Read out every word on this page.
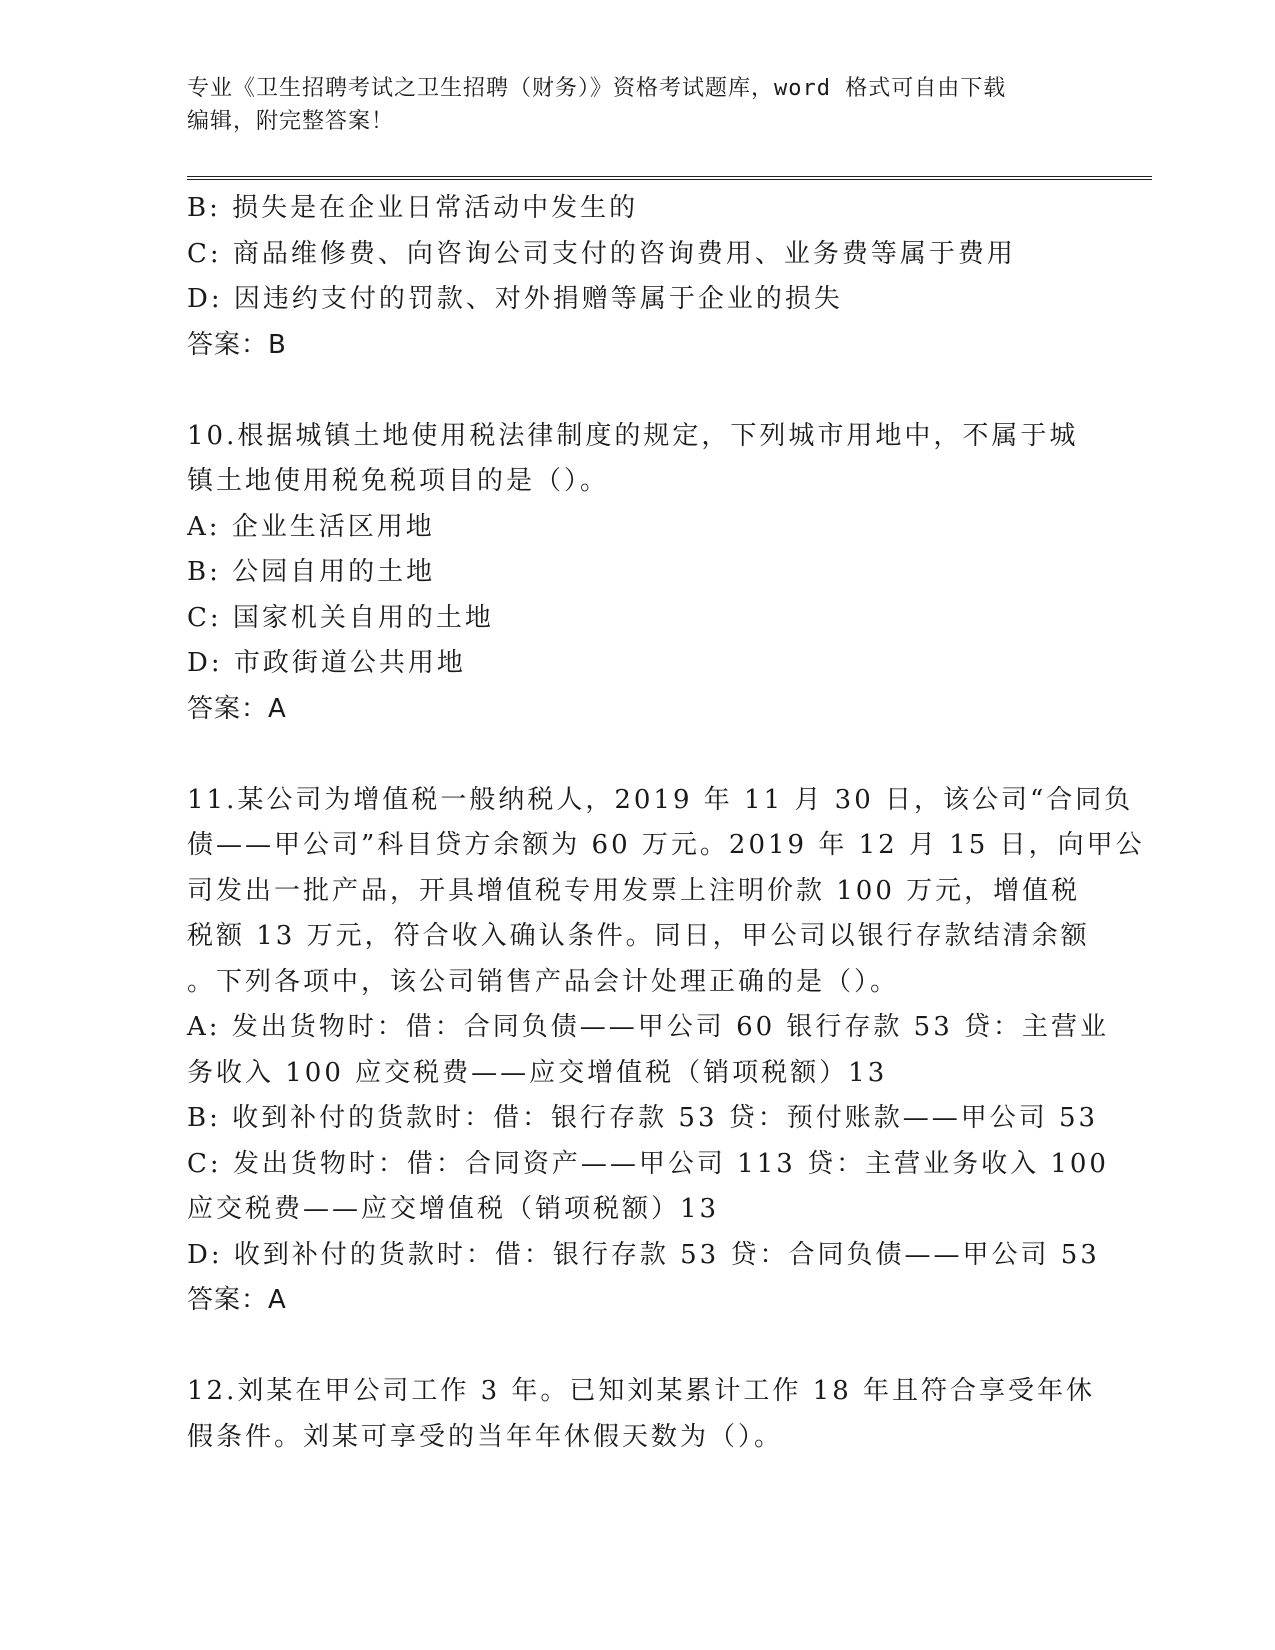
专业《卫生招聘考试之卫生招聘（财务）》资格考试题库，word 格式可自由下载
编辑，附完整答案！
B: 损失是在企业日常活动中发生的
C: 商品维修费、向咨询公司支付的咨询费用、业务费等属于费用
D: 因违约支付的罚款、对外捐赠等属于企业的损失
答案：B
10.根据城镇土地使用税法律制度的规定，下列城市用地中，不属于城
镇土地使用税免税项目的是（）。
A: 企业生活区用地
B: 公园自用的土地
C: 国家机关自用的土地
D: 市政街道公共用地
答案：A
11.某公司为增值税一般纳税人，2019 年 11 月 30 日，该公司“合同负
债——甲公司”科目贷方余额为 60 万元。2019 年 12 月 15 日，向甲公
司发出一批产品，开具增值税专用发票上注明价款 100 万元，增值税
税额 13 万元，符合收入确认条件。同日，甲公司以银行存款结清余额
。下列各项中，该公司销售产品会计处理正确的是（）。
A: 发出货物时：借：合同负债——甲公司 60 银行存款 53 贷：主营业
务收入 100 应交税费——应交增值税（销项税额）13
B: 收到补付的货款时：借：银行存款 53 贷：预付账款——甲公司 53
C: 发出货物时：借：合同资产——甲公司 113 贷：主营业务收入 100
应交税费——应交增值税（销项税额）13
D: 收到补付的货款时：借：银行存款 53 贷：合同负债——甲公司 53
答案：A
12.刘某在甲公司工作 3 年。已知刘某累计工作 18 年且符合享受年休
假条件。刘某可享受的当年年休假天数为（）。
